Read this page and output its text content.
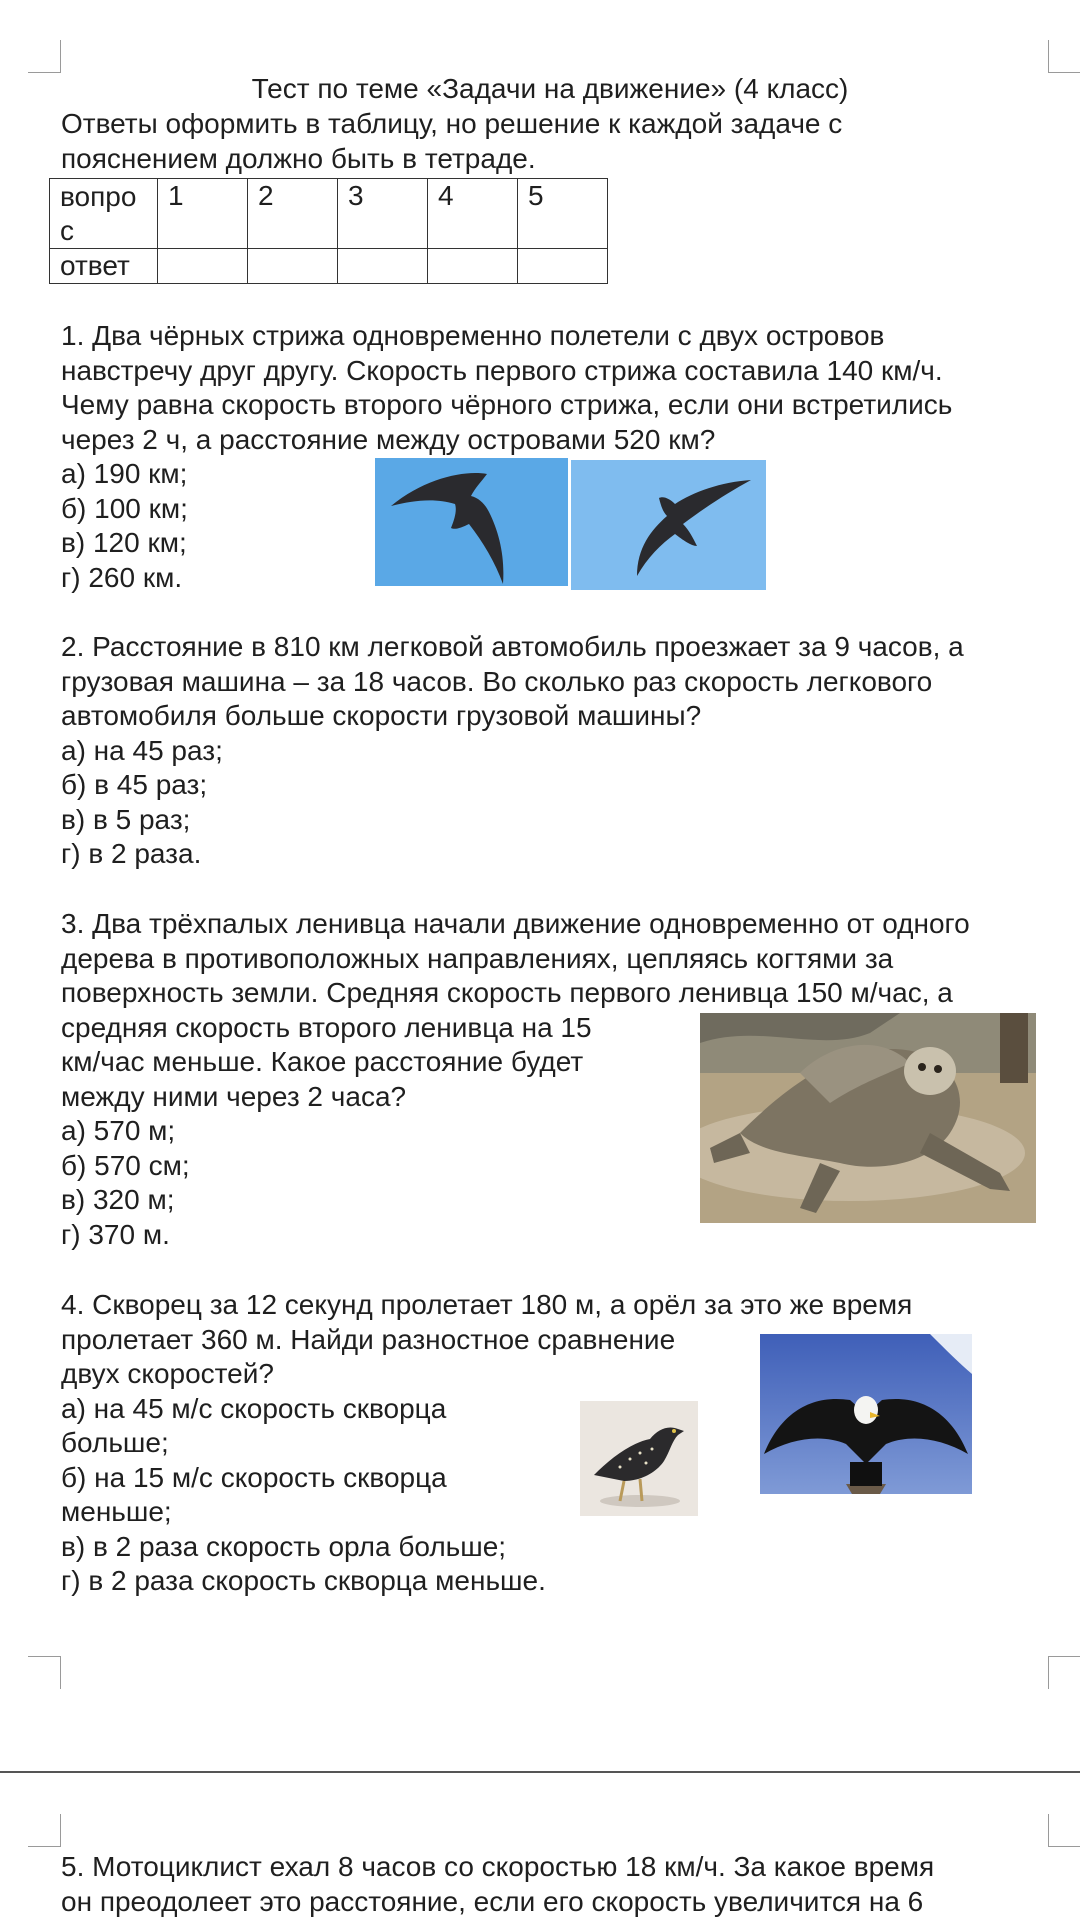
Тест по теме «Задачи на движение» (4 класс)
Ответы оформить в таблицу, но решение к каждой задаче с
пояснением должно быть в тетраде.
вопро
с	1	2	3	4	5
ответ					
1. Два чёрных стрижа одновременно полетели с двух островов
навстречу друг другу. Скорость первого стрижа составила 140 км/ч.
Чему равна скорость второго чёрного стрижа, если они встретились
через 2 ч, а расстояние между островами 520 км?
а) 190 км;
б) 100 км;
в) 120 км;
г) 260 км.
2. Расстояние в 810 км легковой автомобиль проезжает за 9 часов, а
грузовая машина – за 18 часов. Во сколько раз скорость легкового
автомобиля больше скорости грузовой машины?
а) на 45 раз;
б) в 45 раз;
в) в 5 раз;
г) в 2 раза.
3. Два трёхпалых ленивца начали движение одновременно от одного
дерева в противоположных направлениях, цепляясь когтями за
поверхность земли. Средняя скорость первого ленивца 150 м/час, а
средняя скорость второго ленивца на 15
км/час меньше. Какое расстояние будет
между ними через 2 часа?
а) 570 м;
б) 570 см;
в) 320 м;
г) 370 м.
4. Скворец за 12 секунд пролетает 180 м, а орёл за это же время
пролетает 360 м. Найди разностное сравнение
двух скоростей?
а) на 45 м/с скорость скворца
больше;
б) на 15 м/с скорость скворца
меньше;
в) в 2 раза скорость орла больше;
г) в 2 раза скорость скворца меньше.
5. Мотоциклист ехал 8 часов со скоростью 18 км/ч. За какое время
он преодолеет это расстояние, если его скорость увеличится на 6
